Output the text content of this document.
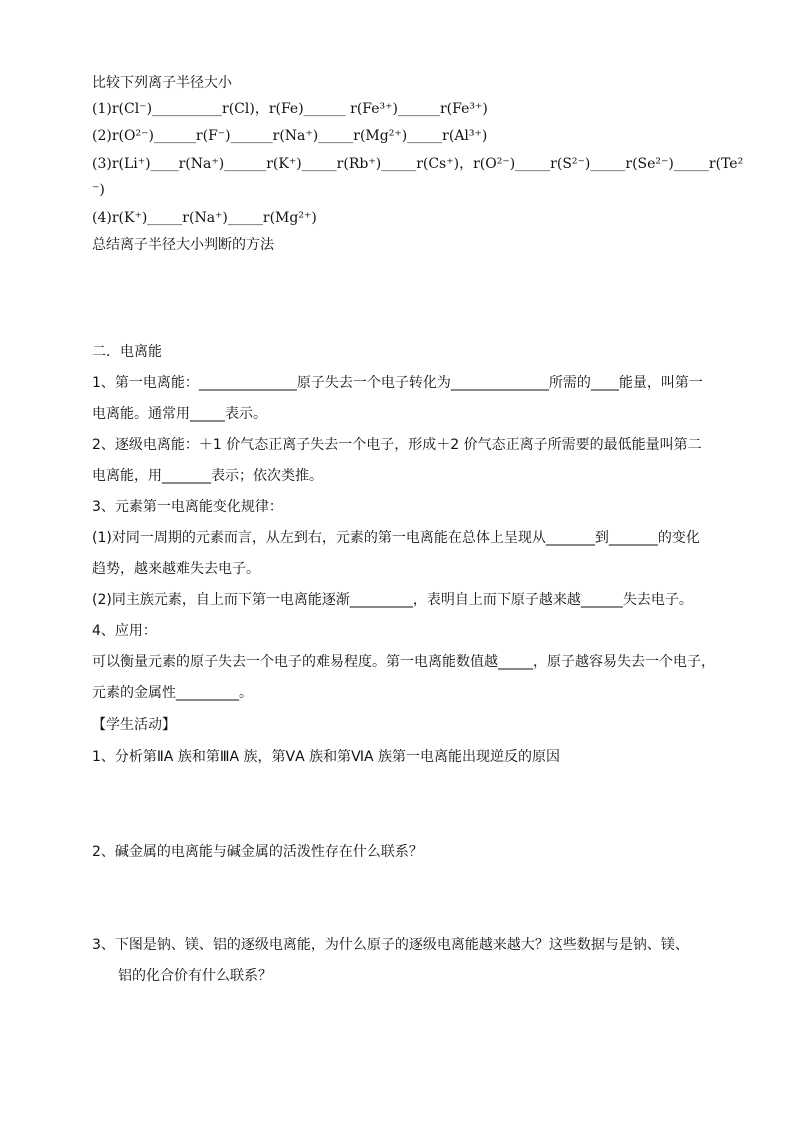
比较下列离子半径大小
(1)r(Cl⁻)__________r(Cl)，r(Fe)______ r(Fe³⁺)______r(Fe³⁺)
(2)r(O²⁻)______r(F⁻)______r(Na⁺)_____r(Mg²⁺)_____r(Al³⁺)
(3)r(Li⁺)____r(Na⁺)______r(K⁺)_____r(Rb⁺)_____r(Cs⁺)，r(O²⁻)_____r(S²⁻)_____r(Se²⁻)_____r(Te²
⁻)
(4)r(K⁺)_____r(Na⁺)_____r(Mg²⁺)
总结离子半径大小判断的方法
二．电离能
1、第一电离能：______________原子失去一个电子转化为______________所需的____能量，叫第一
电离能。通常用_____表示。
2、逐级电离能：＋1 价气态正离子失去一个电子，形成＋2 价气态正离子所需要的最低能量叫第二
电离能，用_______表示；依次类推。
3、元素第一电离能变化规律：
(1)对同一周期的元素而言，从左到右，元素的第一电离能在总体上呈现从_______到_______的变化
趋势，越来越难失去电子。
(2)同主族元素，自上而下第一电离能逐渐_________，表明自上而下原子越来越______失去电子。
4、应用：
可以衡量元素的原子失去一个电子的难易程度。第一电离能数值越_____，原子越容易失去一个电子，
元素的金属性_________。
【学生活动】
1、分析第ⅡA 族和第ⅢA 族，第ⅤA 族和第ⅥA 族第一电离能出现逆反的原因
2、碱金属的电离能与碱金属的活泼性存在什么联系？
3、下图是钠、镁、铝的逐级电离能，为什么原子的逐级电离能越来越大？这些数据与是钠、镁、
铝的化合价有什么联系？
